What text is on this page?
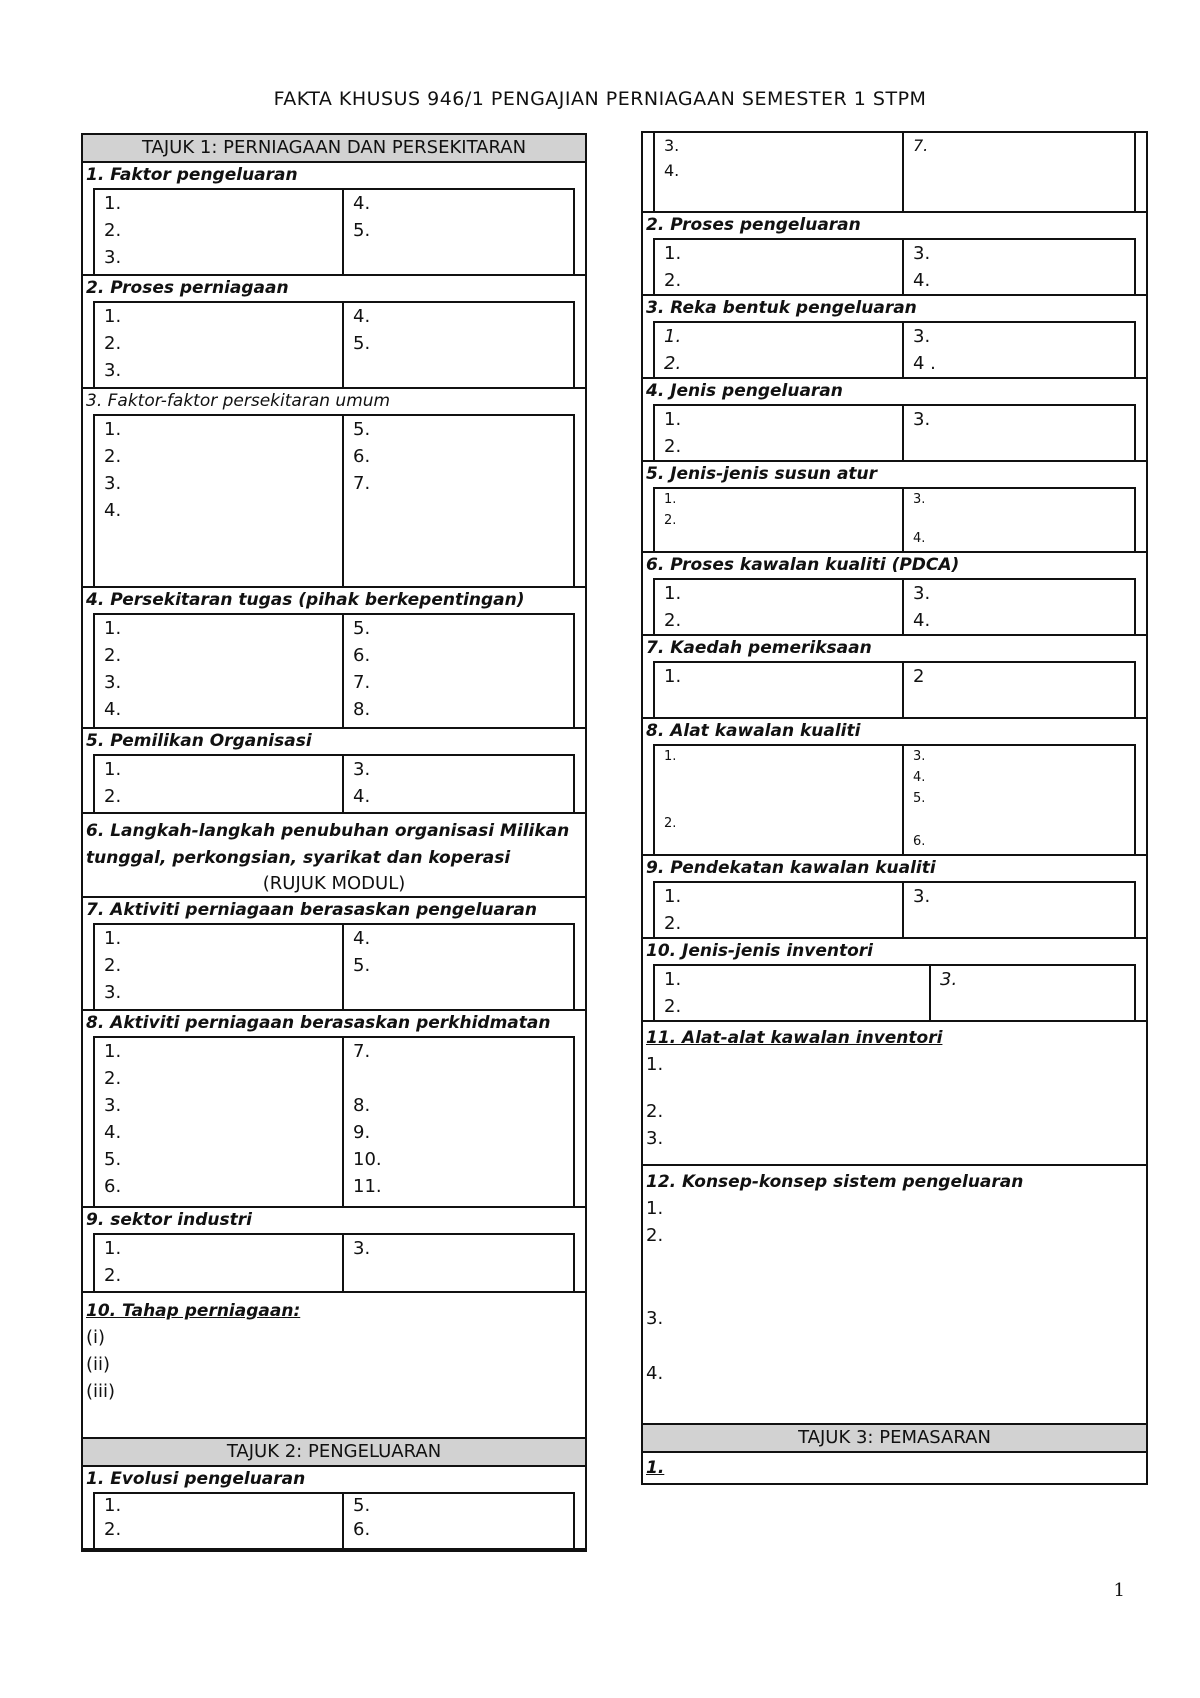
FAKTA KHUSUS 946/1 PENGAJIAN PERNIAGAAN SEMESTER 1 STPM
TAJUK 1: PERNIAGAAN DAN PERSEKITARAN
1. Faktor pengeluaran
1.
2.
3.
4.
5.
2. Proses perniagaan
1.
2.
3.
4.
5.
3. Faktor-faktor persekitaran umum
1.
2.
3.
4.
5.
6.
7.
4. Persekitaran tugas (pihak berkepentingan)
1.
2.
3.
4.
5.
6.
7.
8.
5. Pemilikan Organisasi
1.
2.
3.
4.
6. Langkah-langkah penubuhan organisasi Milikan tunggal, perkongsian, syarikat dan koperasi
(RUJUK MODUL)
7. Aktiviti perniagaan berasaskan pengeluaran
1.
2.
3.
4.
5.
8. Aktiviti perniagaan berasaskan perkhidmatan
1.
2.
3.
4.
5.
6.
7.
8.
9.
10.
11.
9. sektor industri
1.
2.
3.
10. Tahap perniagaan:
(i)
(ii)
(iii)
TAJUK 2: PENGELUARAN
1. Evolusi pengeluaran
1.
2.
5.
6.
3.
4.
7.
2. Proses pengeluaran
1.
2.
3.
4.
3. Reka bentuk pengeluaran
1.
2.
3.
4 .
4. Jenis pengeluaran
1.
2.
3.
5. Jenis-jenis susun atur
1.
2.
3.
4.
6. Proses kawalan kualiti (PDCA)
1.
2.
3.
4.
7. Kaedah pemeriksaan
1.	2
8. Alat kawalan kualiti
1.
2.
3.
4.
5.
6.
9. Pendekatan kawalan kualiti
1.
2.
3.
10. Jenis-jenis inventori
1.
2.
3.
11. Alat-alat kawalan inventori
1.
2.
3.
12. Konsep-konsep sistem pengeluaran
1.
2.
3.
4.
TAJUK 3: PEMASARAN
1.
1
